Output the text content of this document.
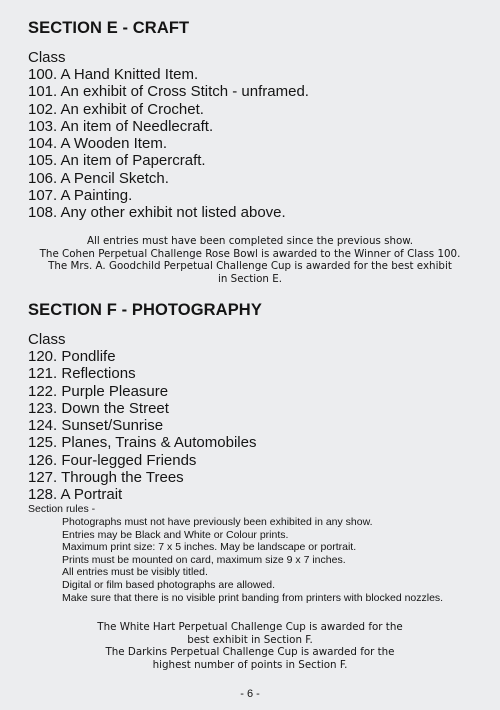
SECTION E - CRAFT
Class
100. A Hand Knitted Item.
101. An exhibit of Cross Stitch - unframed.
102. An exhibit of Crochet.
103. An item of Needlecraft.
104. A Wooden Item.
105. An item of Papercraft.
106. A Pencil Sketch.
107. A Painting.
108. Any other exhibit not listed above.
All entries must have been completed since the previous show.
The Cohen Perpetual Challenge Rose Bowl is awarded to the Winner of Class 100.
The Mrs. A. Goodchild Perpetual Challenge Cup is awarded for the best exhibit
in Section E.
SECTION F - PHOTOGRAPHY
Class
120. Pondlife
121. Reflections
122. Purple Pleasure
123. Down the Street
124. Sunset/Sunrise
125. Planes, Trains & Automobiles
126. Four-legged Friends
127. Through the Trees
128. A Portrait
Section rules -
Photographs must not have previously been exhibited in any show.
Entries may be Black and White or Colour prints.
Maximum print size: 7 x 5 inches. May be landscape or portrait.
Prints must be mounted on card, maximum size 9 x 7 inches.
All entries must be visibly titled.
Digital or film based photographs are allowed.
Make sure that there is no visible print banding from printers with blocked nozzles.
The White Hart Perpetual Challenge Cup is awarded for the
best exhibit in Section F.
The Darkins Perpetual Challenge Cup is awarded for the
highest number of points in Section F.
- 6 -
